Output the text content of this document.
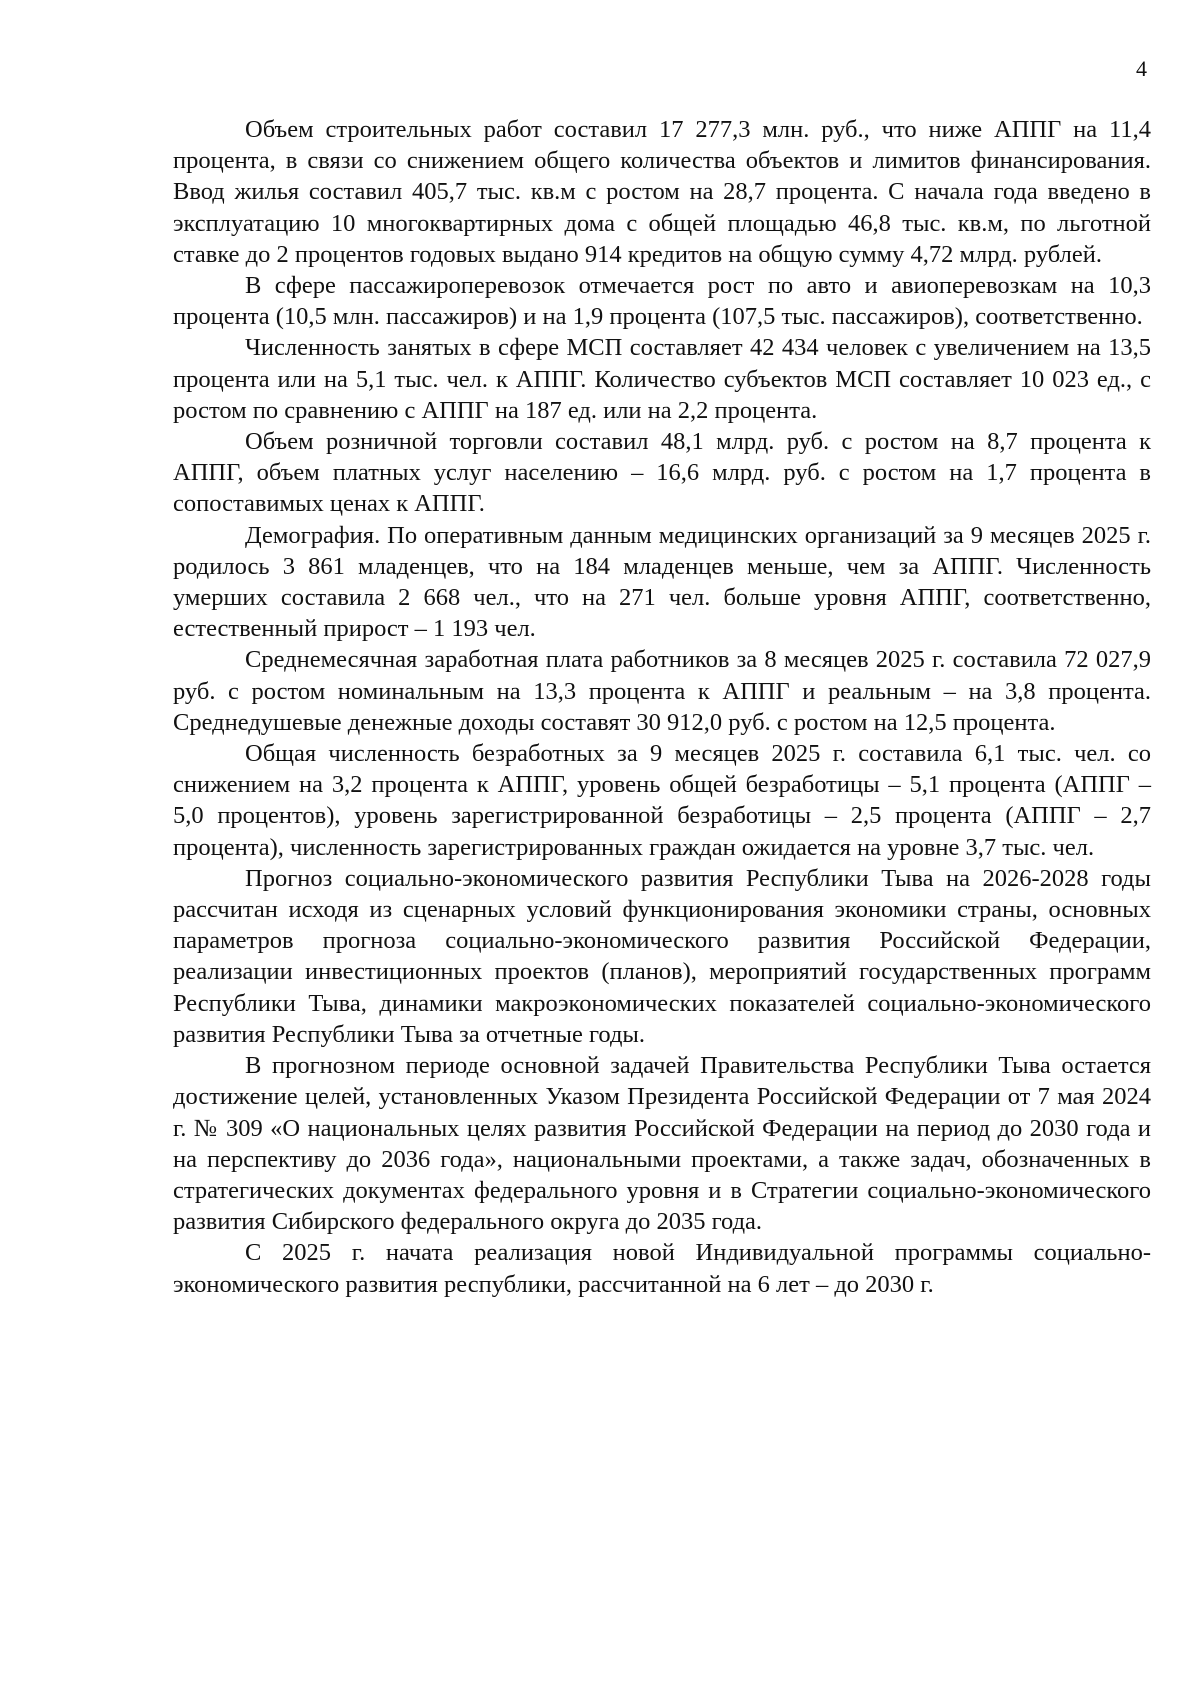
4

Объем строительных работ составил 17 277,3 млн. руб., что ниже АППГ на 11,4 процента, в связи со снижением общего количества объектов и лимитов финансирования. Ввод жилья составил 405,7 тыс. кв.м с ростом на 28,7 процента. С начала года введено в эксплуатацию 10 многоквартирных дома с общей площадью 46,8 тыс. кв.м, по льготной ставке до 2 процентов годовых выдано 914 кредитов на общую сумму 4,72 млрд. рублей.

В сфере пассажироперевозок отмечается рост по авто и авиоперевозкам на 10,3 процента (10,5 млн. пассажиров) и на 1,9 процента (107,5 тыс. пассажиров), соответственно.

Численность занятых в сфере МСП составляет 42 434 человек с увеличением на 13,5 процента или на 5,1 тыс. чел. к АППГ. Количество субъектов МСП составляет 10 023 ед., с ростом по сравнению с АППГ на 187 ед. или на 2,2 процента.

Объем розничной торговли составил 48,1 млрд. руб. с ростом на 8,7 процента к АППГ, объем платных услуг населению – 16,6 млрд. руб. с ростом на 1,7 процента в сопоставимых ценах к АППГ.

Демография. По оперативным данным медицинских организаций за 9 месяцев 2025 г. родилось 3 861 младенцев, что на 184 младенцев меньше, чем за АППГ. Численность умерших составила 2 668 чел., что на 271 чел. больше уровня АППГ, соответственно, естественный прирост – 1 193 чел.

Среднемесячная заработная плата работников за 8 месяцев 2025 г. составила 72 027,9 руб. с ростом номинальным на 13,3 процента к АППГ и реальным – на 3,8 процента. Среднедушевые денежные доходы составят 30 912,0 руб. с ростом на 12,5 процента.

Общая численность безработных за 9 месяцев 2025 г. составила 6,1 тыс. чел. со снижением на 3,2 процента к АППГ, уровень общей безработицы – 5,1 процента (АППГ – 5,0 процентов), уровень зарегистрированной безработицы – 2,5 процента (АППГ – 2,7 процента), численность зарегистрированных граждан ожидается на уровне 3,7 тыс. чел.

Прогноз социально-экономического развития Республики Тыва на 2026-2028 годы рассчитан исходя из сценарных условий функционирования экономики страны, основных параметров прогноза социально-экономического развития Российской Федерации, реализации инвестиционных проектов (планов), мероприятий государственных программ Республики Тыва, динамики макроэкономических показателей социально-экономического развития Республики Тыва за отчетные годы.

В прогнозном периоде основной задачей Правительства Республики Тыва остается достижение целей, установленных Указом Президента Российской Федерации от 7 мая 2024 г. № 309 «О национальных целях развития Российской Федерации на период до 2030 года и на перспективу до 2036 года», национальными проектами, а также задач, обозначенных в стратегических документах федерального уровня и в Стратегии социально-экономического развития Сибирского федерального округа до 2035 года.

С 2025 г. начата реализация новой Индивидуальной программы социально-экономического развития республики, рассчитанной на 6 лет – до 2030 г.
